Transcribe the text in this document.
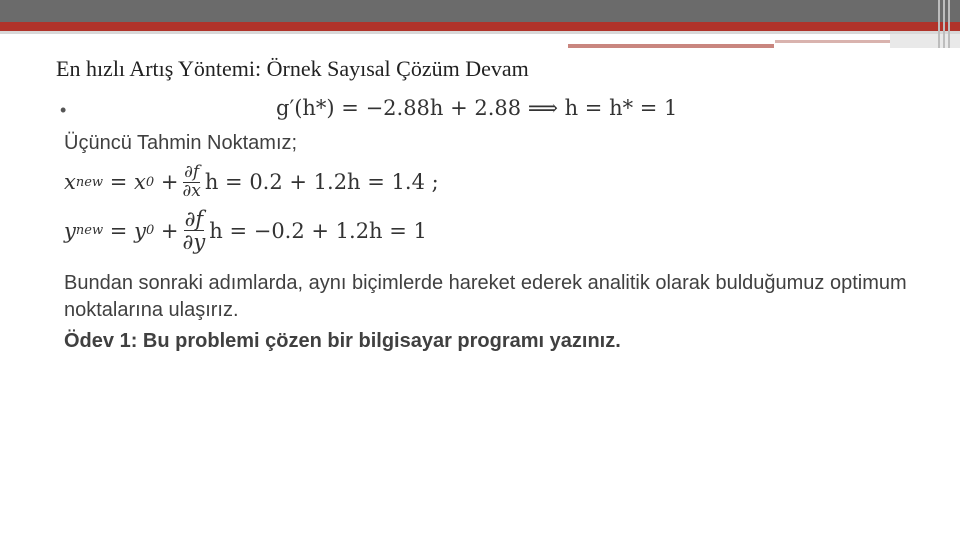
En hızlı Artış Yöntemi: Örnek Sayısal Çözüm Devam
•	g′(h*) = −2.88h + 2.88 ⟹ h = h* = 1
Üçüncü Tahmin Noktamız;
x new
=
x 0
+ $\frac{\partial f}{\partial x}$ h = 0.2 + 1.2h = 1.4 ;
y new
=
y 0
+ $\frac{\partial f}{\partial y}$ h = −0.2 + 1.2h = 1
Bundan sonraki adımlarda, aynı biçimlerde hareket ederek analitik olarak bulduğumuz optimum noktalarına ulaşırız.
Ödev 1: Bu problemi çözen bir bilgisayar programı yazınız.
